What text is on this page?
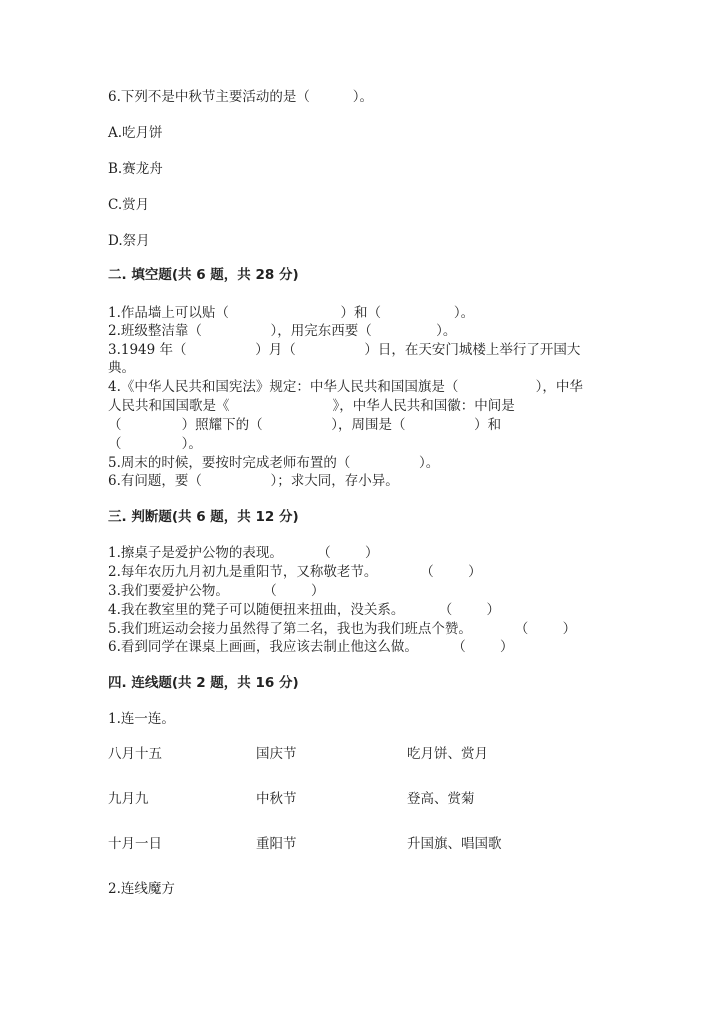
6.下列不是中秋节主要活动的是（          ）。
A.吃月饼
B.赛龙舟
C.赏月
D.祭月
二. 填空题(共 6 题，共 28 分)
1.作品墙上可以贴（                          ）和（                 ）。
2.班级整洁靠（                ），用完东西要（               ）。
3.1949 年（                ）月（                ）日，在天安门城楼上举行了开国大
典。
4.《中华人民共和国宪法》规定：中华人民共和国国旗是（                  ），中华
人民共和国国歌是《                        》，中华人民共和国徽：中间是
（              ）照耀下的（                ），周围是（                ）和
（              ）。
5.周末的时候，要按时完成老师布置的（                ）。
6.有问题，要（                ）；求大同，存小异。
三. 判断题(共 6 题，共 12 分)
1.擦桌子是爱护公物的表现。        （        ）
2.每年农历九月初九是重阳节，又称敬老节。          （        ）
3.我们要爱护公物。        （        ）
4.我在教室里的凳子可以随便扭来扭曲，没关系。        （        ）
5.我们班运动会接力虽然得了第二名，我也为我们班点个赞。          （        ）
6.看到同学在课桌上画画，我应该去制止他这么做。        （        ）
四. 连线题(共 2 题，共 16 分)
1.连一连。
八月十五	国庆节	吃月饼、赏月
九月九	中秋节	登高、赏菊
十月一日	重阳节	升国旗、唱国歌
2.连线魔方
